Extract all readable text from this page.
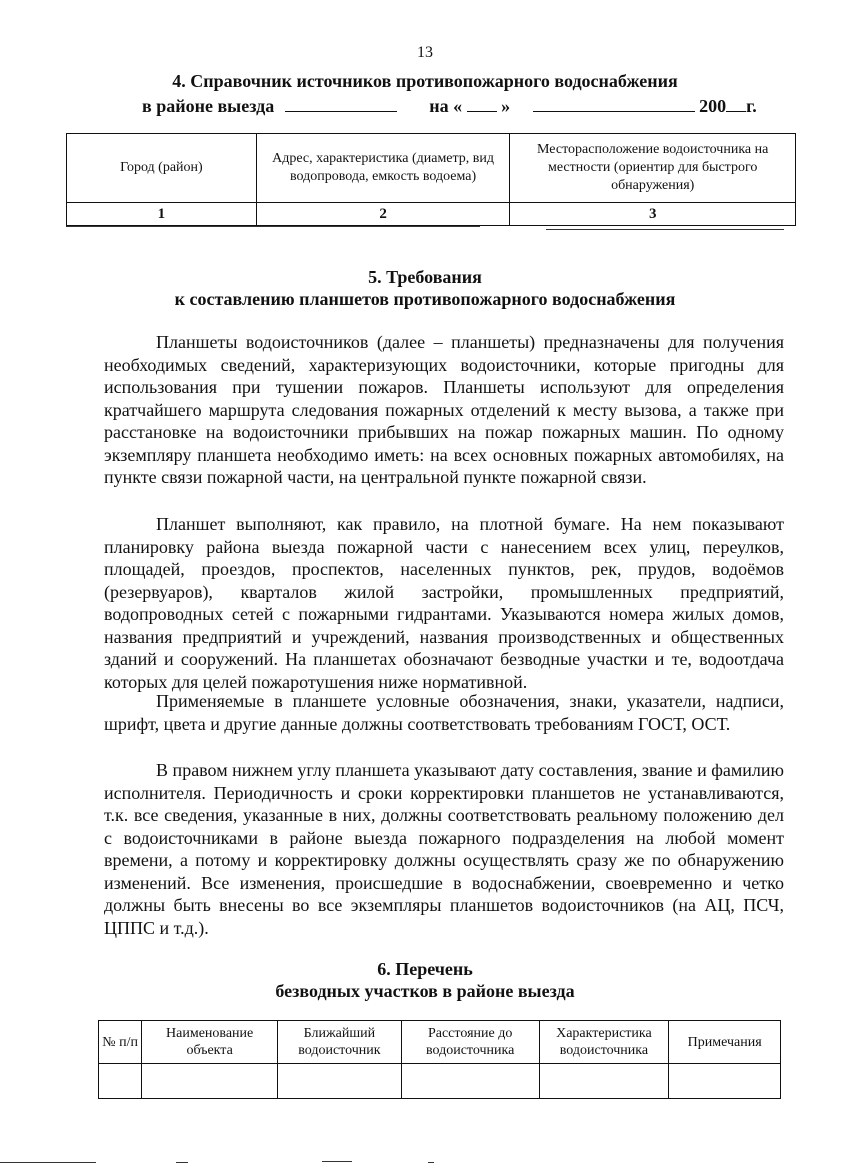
13
4. Справочник источников противопожарного водоснабжения
в районе выезда	на « »	200 г.
Город (район)	Адрес, характеристика (диаметр, вид водопровода, емкость водоема)	Месторасположение водоисточника на местности (ориентир для быстрого обнаружения)
1	2	3
5. Требования
к составлению планшетов противопожарного водоснабжения
Планшеты водоисточников (далее – планшеты) предназначены для получения необходимых сведений, характеризующих водоисточники, которые пригодны для использования при тушении пожаров. Планшеты используют для определения кратчайшего маршрута следования пожарных отделений к месту вызова, а также при расстановке на водоисточники прибывших на пожар пожарных машин. По одному экземпляру планшета необходимо иметь: на всех основных пожарных автомобилях, на пункте связи пожарной части, на центральной пункте пожарной связи.
Планшет выполняют, как правило, на плотной бумаге. На нем показывают планировку района выезда пожарной части с нанесением всех улиц, переулков, площадей, проездов, проспектов, населенных пунктов, рек, прудов, водоёмов (резервуаров), кварталов жилой застройки, промышленных предприятий, водопроводных сетей с пожарными гидрантами. Указываются номера жилых домов, названия предприятий и учреждений, названия производственных и общественных зданий и сооружений. На планшетах обозначают безводные участки и те, водоотдача которых для целей пожаротушения ниже нормативной.
Применяемые в планшете условные обозначения, знаки, указатели, надписи, шрифт, цвета и другие данные должны соответствовать требованиям ГОСТ, ОСТ.
В правом нижнем углу планшета указывают дату составления, звание и фамилию исполнителя. Периодичность и сроки корректировки планшетов не устанавливаются, т.к. все сведения, указанные в них, должны соответствовать реальному положению дел с водоисточниками в районе выезда пожарного подразделения на любой момент времени, а потому и корректировку должны осуществлять сразу же по обнаружению изменений. Все изменения, происшедшие в водоснабжении, своевременно и четко должны быть внесены во все экземпляры планшетов водоисточников (на АЦ, ПСЧ, ЦППС и т.д.).
6. Перечень
безводных участков в районе выезда
№ п/п	Наименование объекта	Ближайший водоисточник	Расстояние до водоисточника	Характеристика водоисточника	Примечания
